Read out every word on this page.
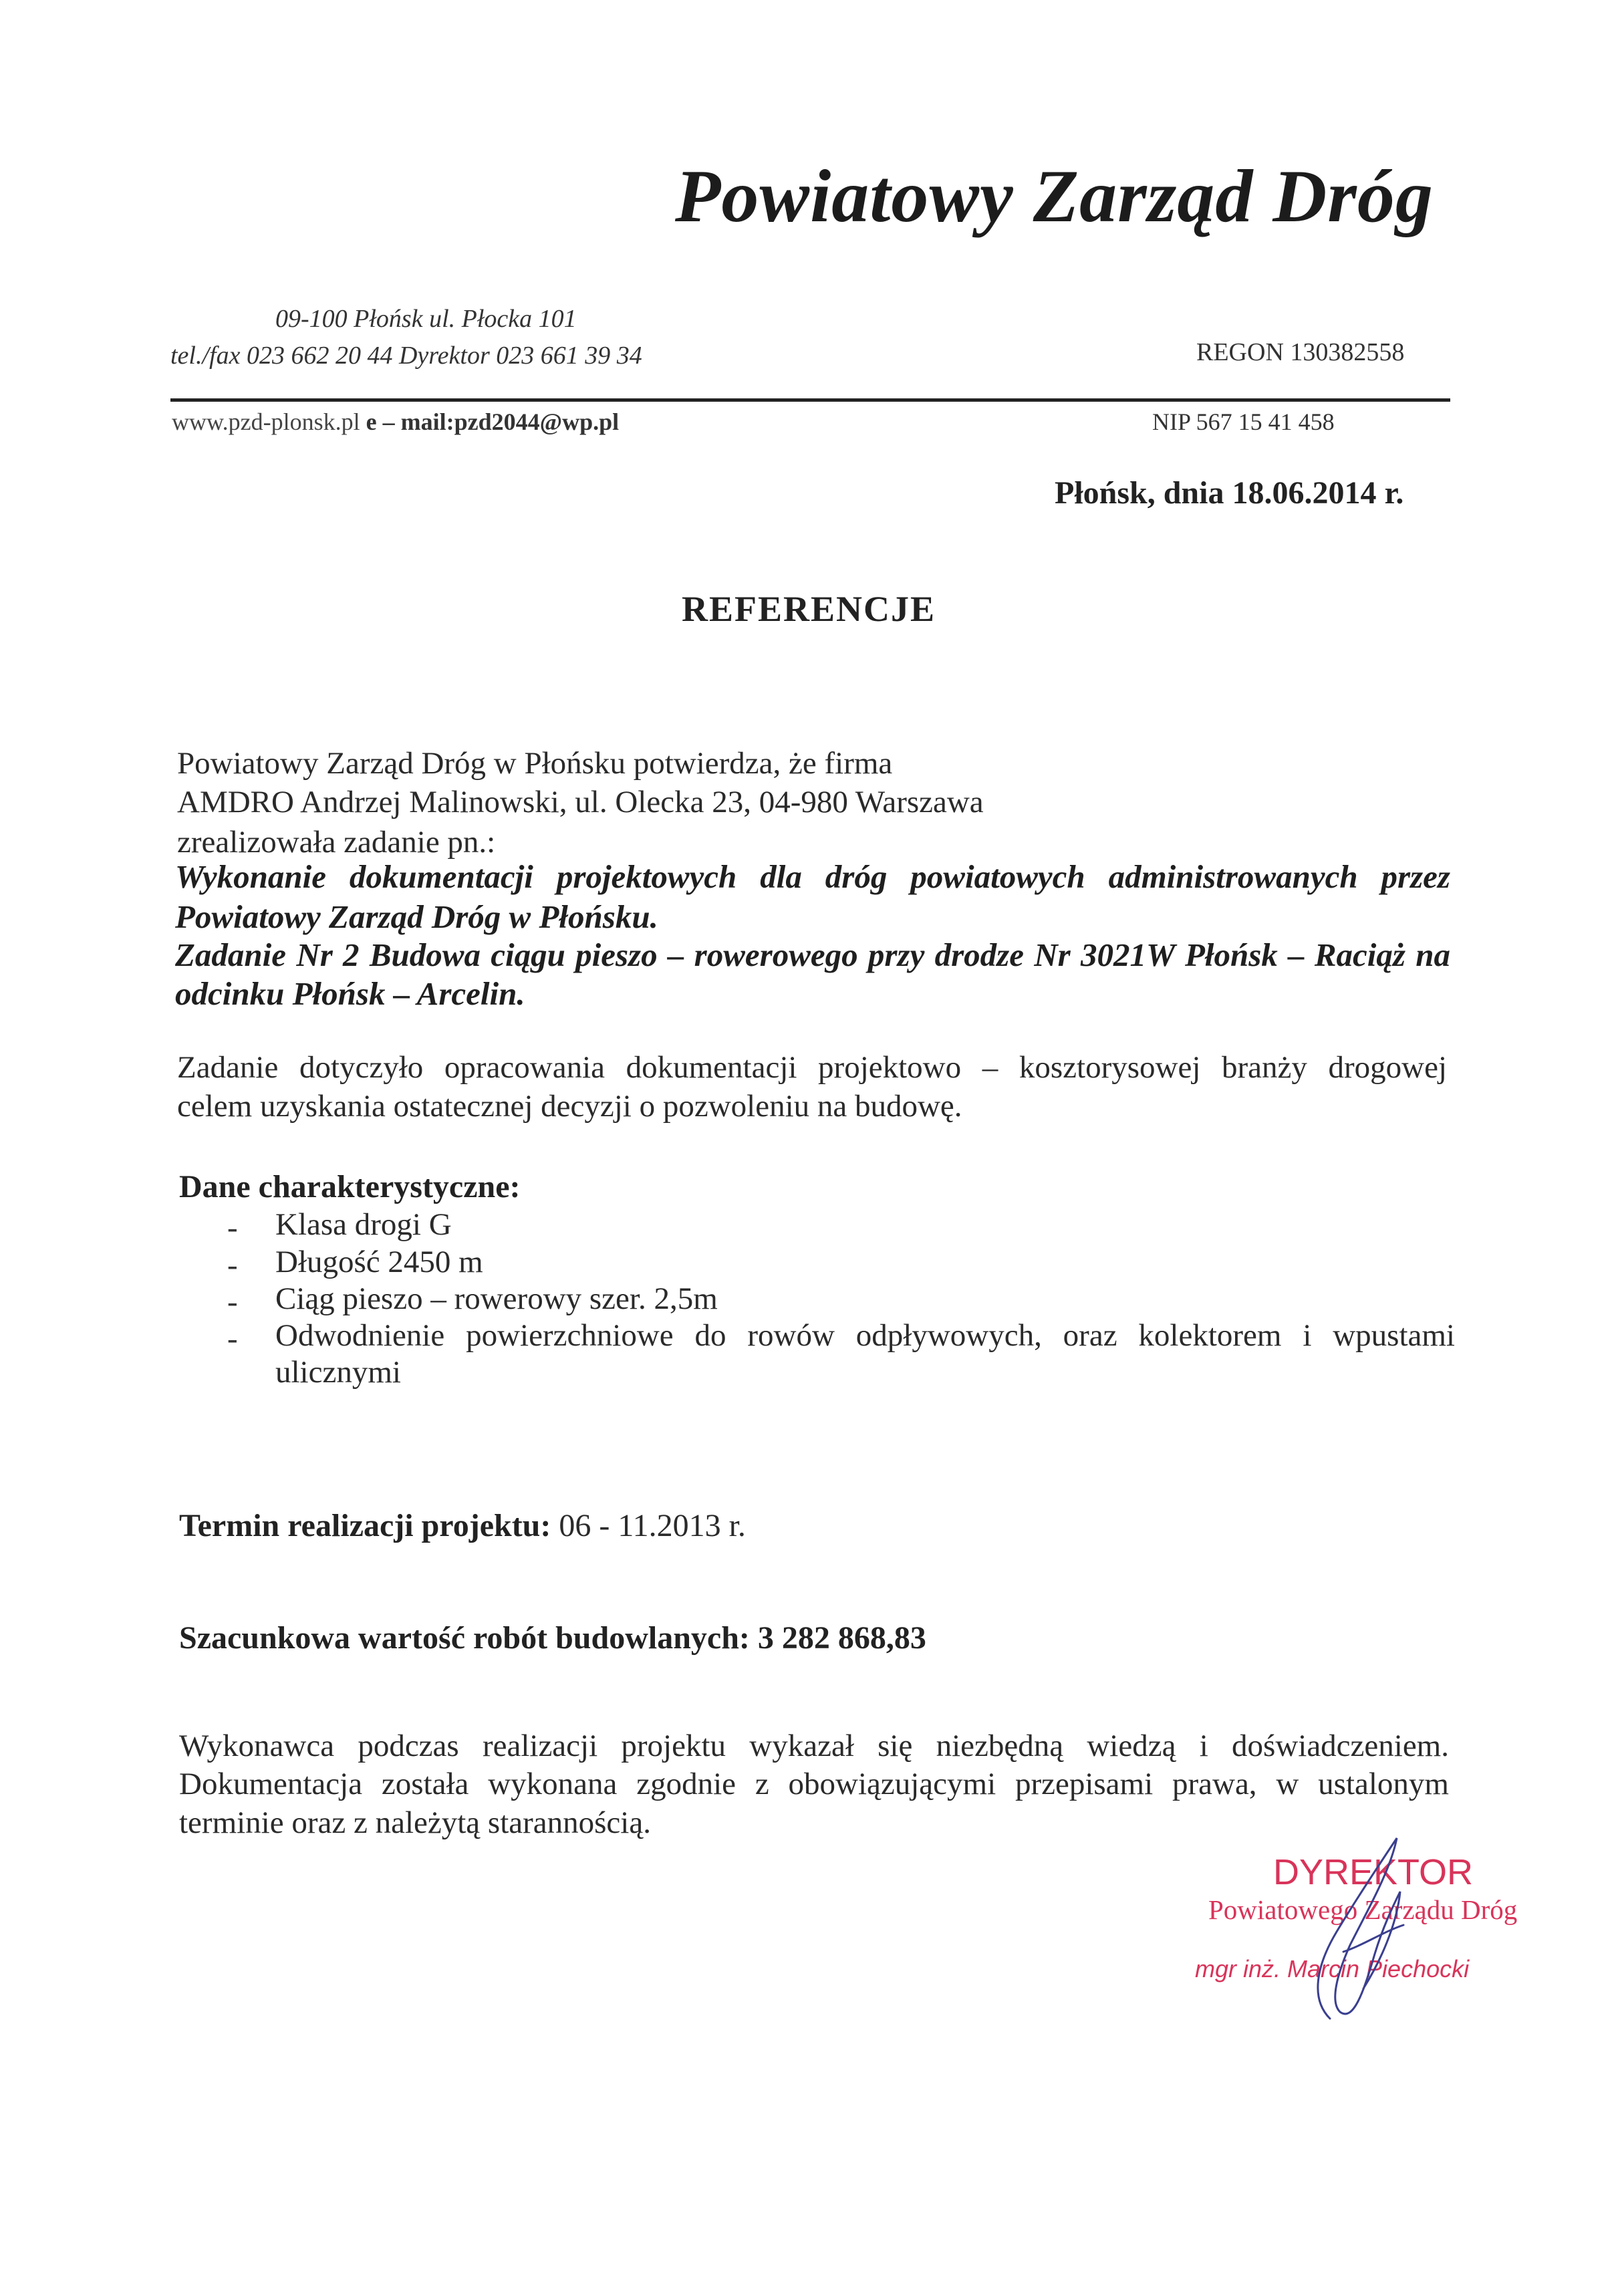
Powiatowy Zarząd Dróg
09-100 Płońsk ul. Płocka 101
tel./fax 023 662 20 44 Dyrektor 023 661 39 34	REGON 130382558
www.pzd-plonsk.pl e – mail:pzd2044@wp.pl	NIP 567 15 41 458
Płońsk, dnia 18.06.2014 r.
REFERENCJE
Powiatowy Zarząd Dróg w Płońsku potwierdza, że firma
AMDRO Andrzej Malinowski, ul. Olecka 23, 04-980 Warszawa
zrealizowała zadanie pn.:
Wykonanie dokumentacji projektowych dla dróg powiatowych administrowanych przez
Powiatowy Zarząd Dróg w Płońsku.
Zadanie Nr 2 Budowa ciągu pieszo – rowerowego przy drodze Nr 3021W Płońsk – Raciąż na
odcinku Płońsk – Arcelin.
Zadanie dotyczyło opracowania dokumentacji projektowo – kosztorysowej branży drogowej
celem uzyskania ostatecznej decyzji o pozwoleniu na budowę.
Dane charakterystyczne:
- Klasa drogi G
- Długość 2450 m
- Ciąg pieszo – rowerowy szer. 2,5m
- Odwodnienie powierzchniowe do rowów odpływowych, oraz kolektorem i wpustami
ulicznymi
Termin realizacji projektu: 06 - 11.2013 r.
Szacunkowa wartość robót budowlanych: 3 282 868,83
Wykonawca podczas realizacji projektu wykazał się niezbędną wiedzą i doświadczeniem.
Dokumentacja została wykonana zgodnie z obowiązującymi przepisami prawa, w ustalonym
terminie oraz z należytą starannością.
DYREKTOR
Powiatowego Zarządu Dróg
mgr inż. Marcin Piechocki
